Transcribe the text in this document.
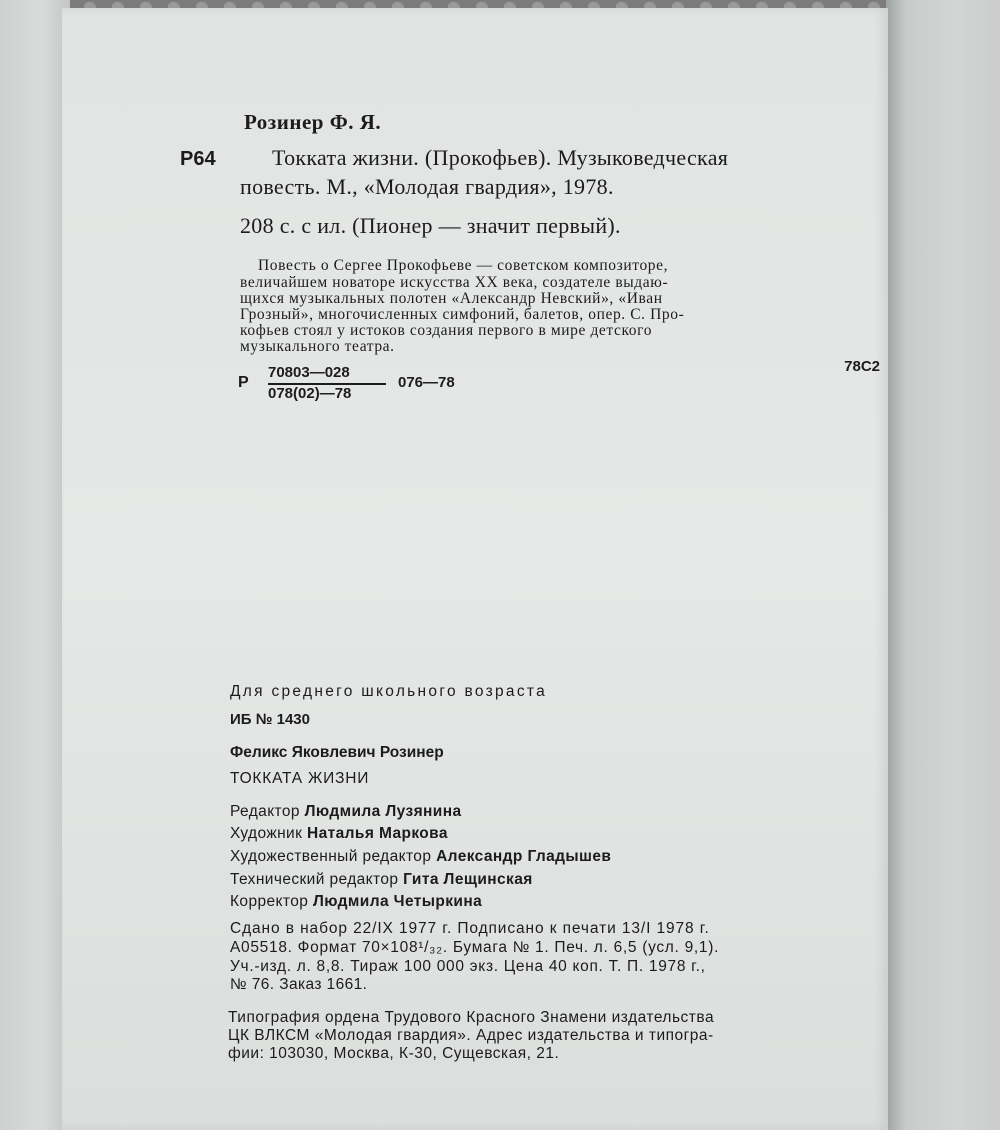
Розинер Ф. Я.
Р64	Токката жизни. (Прокофьев). Музыковедческая
повесть. М., «Молодая гвардия», 1978.
208 с. с ил. (Пионер — значит первый).
Повесть о Сергее Прокофьеве — советском композиторе,
величайшем новаторе искусства XX века, создателе выдаю-
щихся музыкальных полотен «Александр Невский», «Иван
Грозный», многочисленных симфоний, балетов, опер. С. Про-
кофьев стоял у истоков создания первого в мире детского
музыкального театра.
78С2
Р
70803—028
078(02)—78
076—78
Для среднего школьного возраста
ИБ № 1430
Феликс Яковлевич Розинер
ТОККАТА ЖИЗНИ
Редактор Людмила Лузянина
Художник Наталья Маркова
Художественный редактор Александр Гладышев
Технический редактор Гита Лещинская
Корректор Людмила Четыркина
Сдано в набор 22/IX 1977 г. Подписано к печати 13/I 1978 г.
А05518. Формат 70×108¹/₃₂. Бумага № 1. Печ. л. 6,5 (усл. 9,1).
Уч.-изд. л. 8,8. Тираж 100 000 экз. Цена 40 коп. Т. П. 1978 г.,
№ 76. Заказ 1661.
Типография ордена Трудового Красного Знамени издательства
ЦК ВЛКСМ «Молодая гвардия». Адрес издательства и типогра-
фии: 103030, Москва, К-30, Сущевская, 21.
